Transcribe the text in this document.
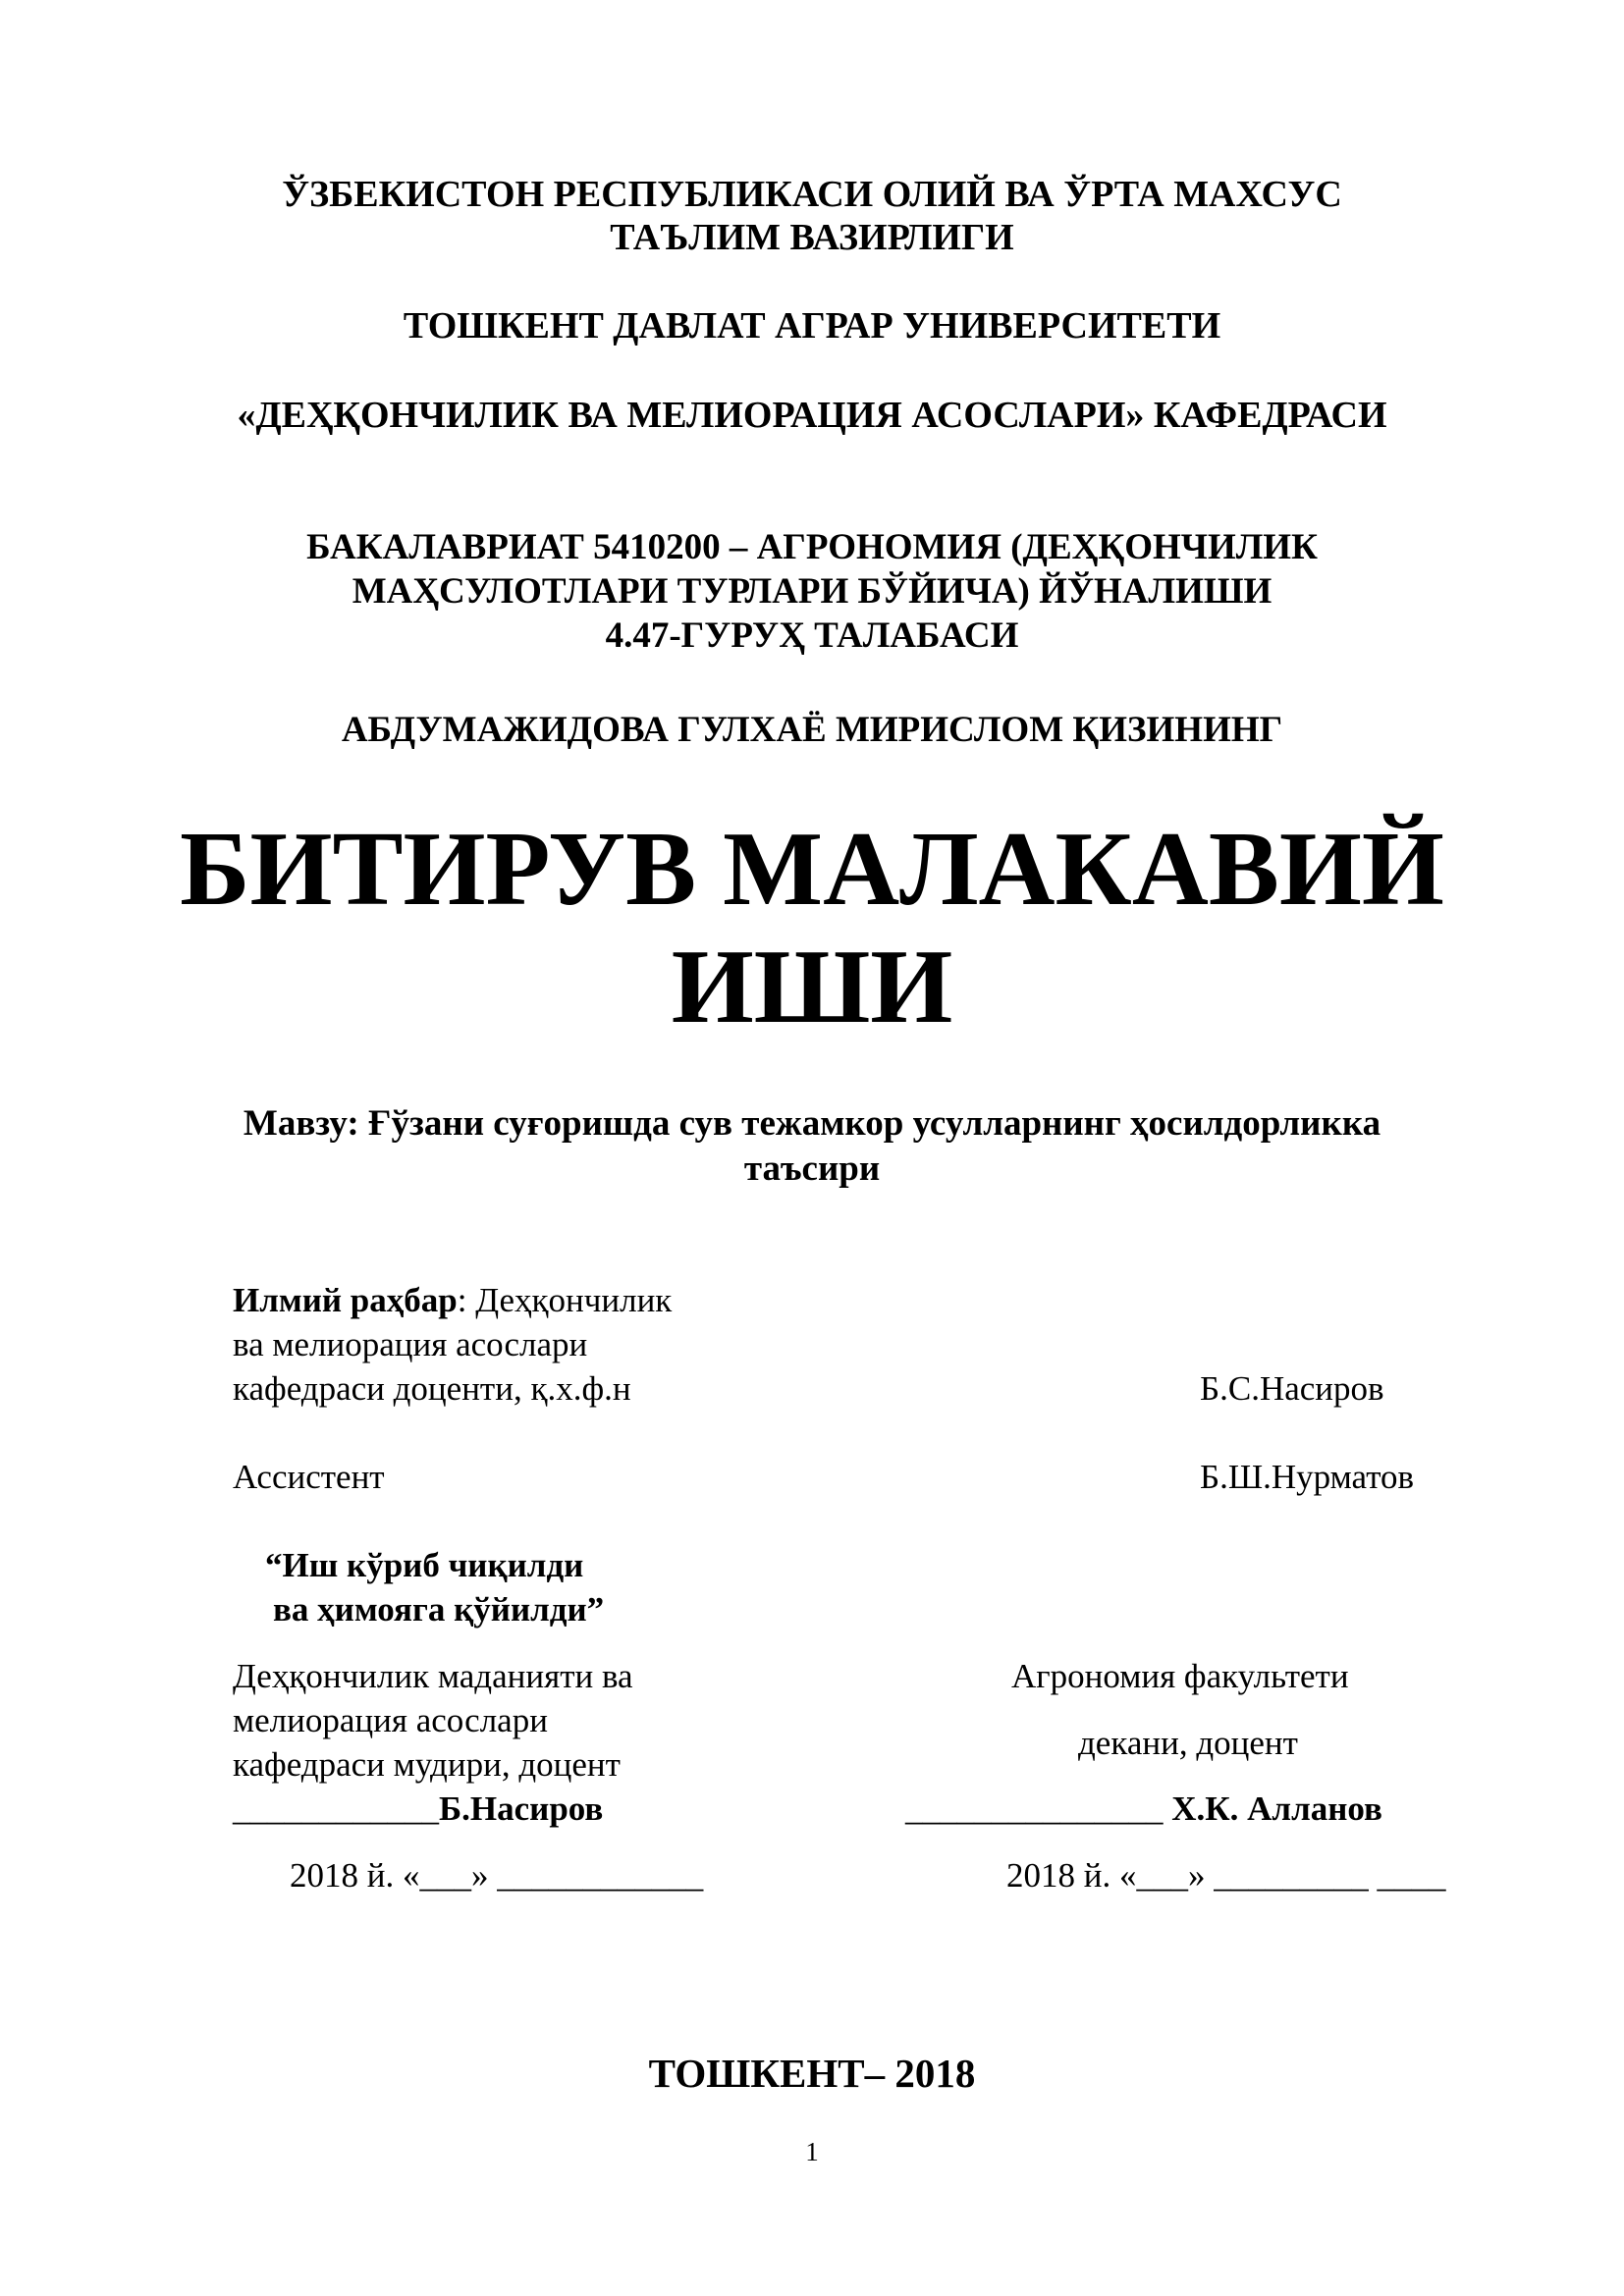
ЎЗБЕКИСТОН РЕСПУБЛИКАСИ ОЛИЙ ВА ЎРТА МАХСУС
ТАЪЛИМ ВАЗИРЛИГИ
ТОШКЕНТ ДАВЛАТ АГРАР УНИВЕРСИТЕТИ
«ДЕҲҚОНЧИЛИК ВА МЕЛИОРАЦИЯ АСОСЛАРИ» КАФЕДРАСИ
БАКАЛАВРИАТ 5410200 – АГРОНОМИЯ (ДЕҲҚОНЧИЛИК
МАҲСУЛОТЛАРИ ТУРЛАРИ БЎЙИЧА) ЙЎНАЛИШИ
4.47-ГУРУҲ ТАЛАБАСИ
АБДУМАЖИДОВА ГУЛХАЁ МИРИСЛОМ ҚИЗИНИНГ
БИТИРУВ МАЛАКАВИЙ
ИШИ
Мавзу: Ғўзани суғоришда сув тежамкор усулларнинг ҳосилдорликка
таъсири
Илмий раҳбар: Деҳқончилик
ва мелиорация асослари
кафедраси доценти, қ.х.ф.н	Б.С.Насиров
Ассистент	Б.Ш.Нурматов
“Иш кўриб чиқилди
ва ҳимояга қўйилди”
Деҳқончилик маданияти ва
мелиорация асослари
кафедраси мудири, доцент
____________Б.Насиров
2018 й. «___» ____________
Агрономия факультети
декани, доцент
_______________ Х.К. Алланов
2018 й. «___» _________ ____
ТОШКЕНТ– 2018
1
